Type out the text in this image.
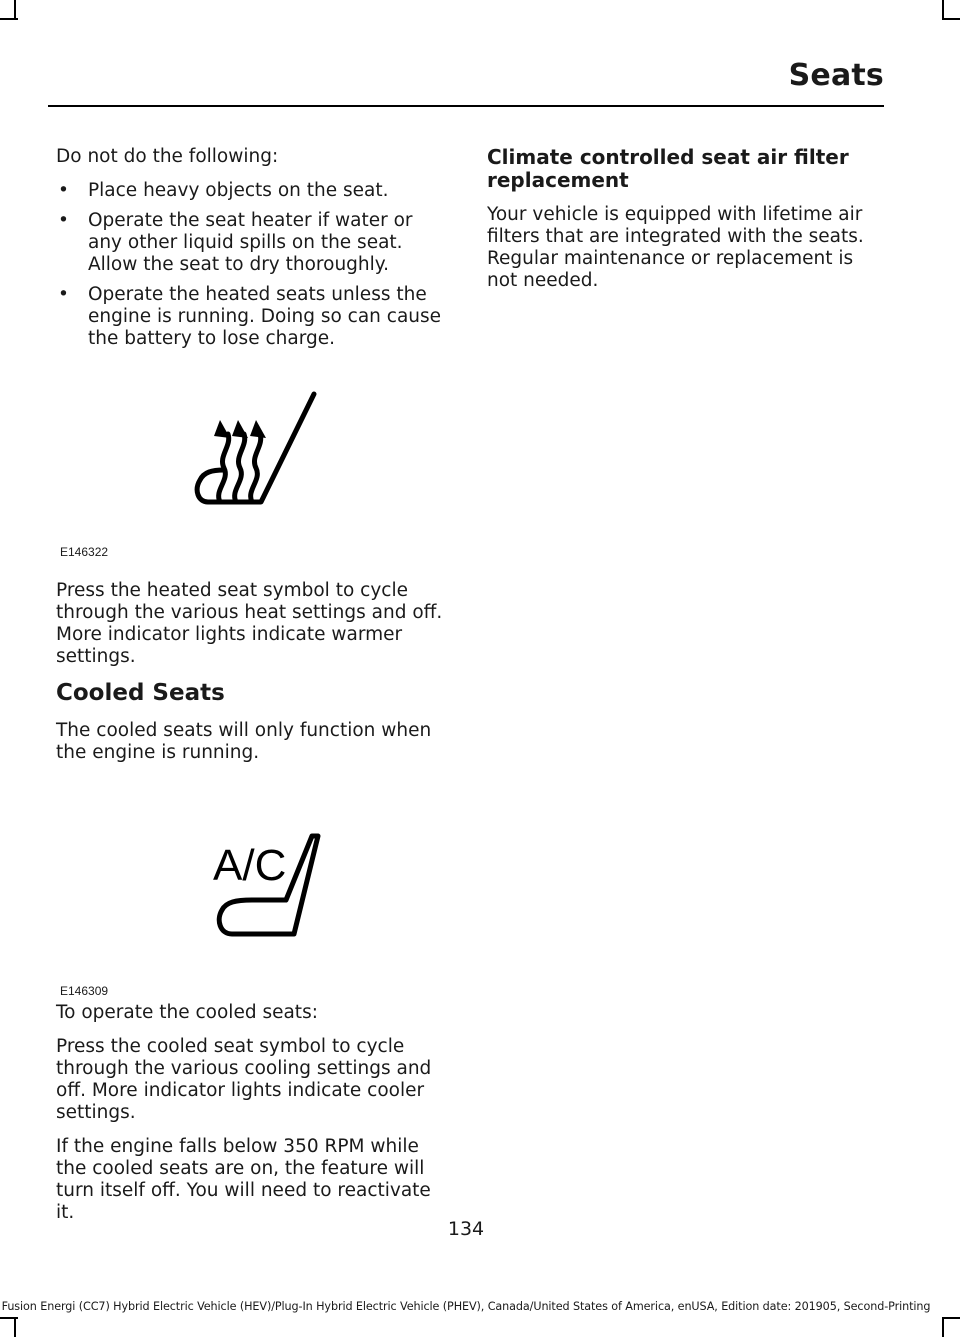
Seats

Do not do the following:

• Place heavy objects on the seat.
• Operate the seat heater if water or any other liquid spills on the seat. Allow the seat to dry thoroughly.
• Operate the heated seats unless the engine is running. Doing so can cause the battery to lose charge.
E146322

Press the heated seat symbol to cycle through the various heat settings and off. More indicator lights indicate warmer settings.

Cooled Seats

The cooled seats will only function when the engine is running.

A/C
E146309

To operate the cooled seats:

Press the cooled seat symbol to cycle through the various cooling settings and off. More indicator lights indicate cooler settings.

If the engine falls below 350 RPM while the cooled seats are on, the feature will turn itself off. You will need to reactivate it.

Climate controlled seat air filter replacement

Your vehicle is equipped with lifetime air filters that are integrated with the seats. Regular maintenance or replacement is not needed.

134
Fusion Energi (CC7) Hybrid Electric Vehicle (HEV)/Plug-In Hybrid Electric Vehicle (PHEV), Canada/United States of America, enUSA, Edition date: 201905, Second-Printing
